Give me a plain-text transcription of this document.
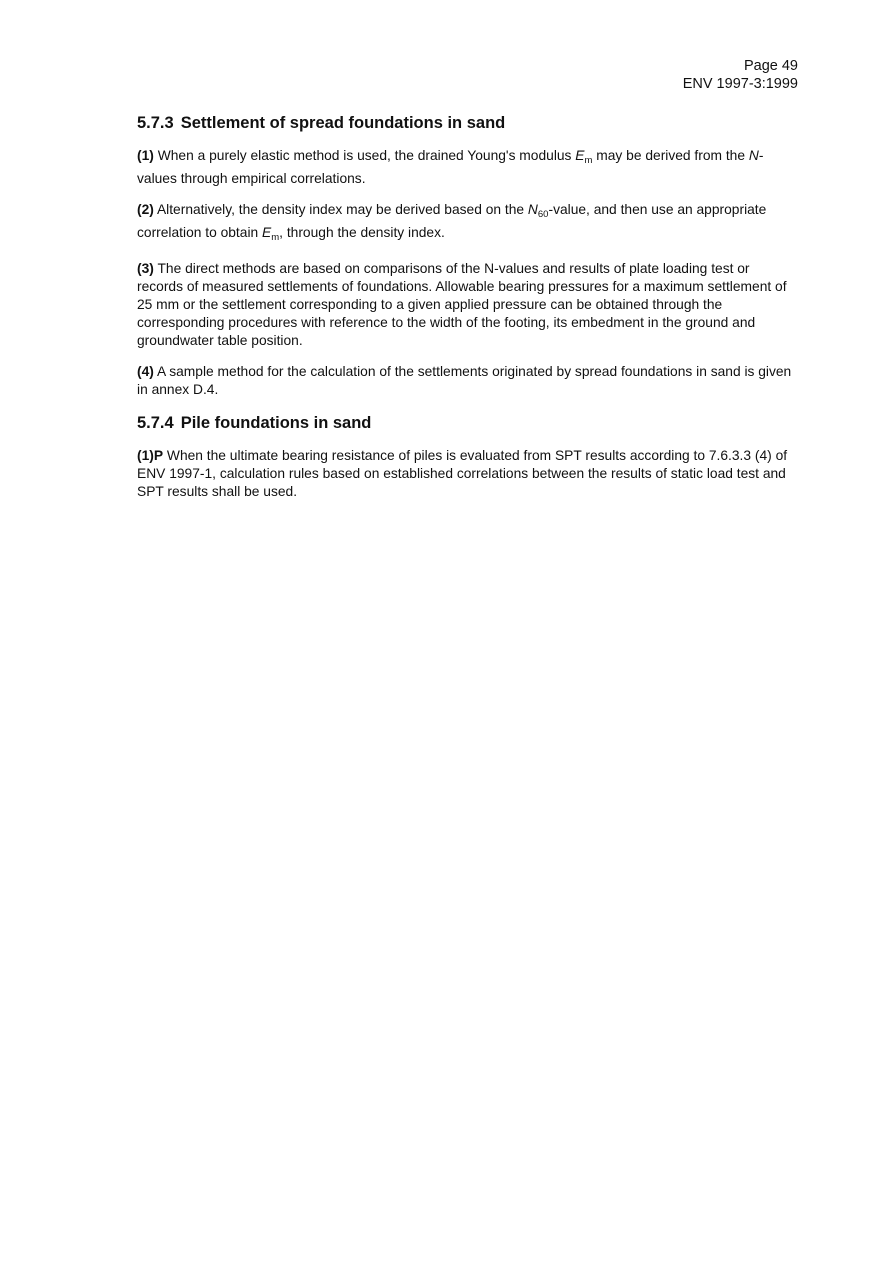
Page 49
ENV 1997-3:1999
5.7.3 Settlement of spread foundations in sand

(1) When a purely elastic method is used, the drained Young's modulus $E_m$ may be derived from the N-values through empirical correlations.

(2) Alternatively, the density index may be derived based on the $N_{60}$-value, and then use an appropriate correlation to obtain $E_m$, through the density index.

(3) The direct methods are based on comparisons of the N-values and results of plate loading test or records of measured settlements of foundations. Allowable bearing pressures for a maximum settlement of 25 mm or the settlement corresponding to a given applied pressure can be obtained through the corresponding procedures with reference to the width of the footing, its embedment in the ground and groundwater table position.

(4) A sample method for the calculation of the settlements originated by spread foundations in sand is given in annex D.4.

5.7.4 Pile foundations in sand

(1)P When the ultimate bearing resistance of piles is evaluated from SPT results according to 7.6.3.3 (4) of ENV 1997-1, calculation rules based on established correlations between the results of static load test and SPT results shall be used.
